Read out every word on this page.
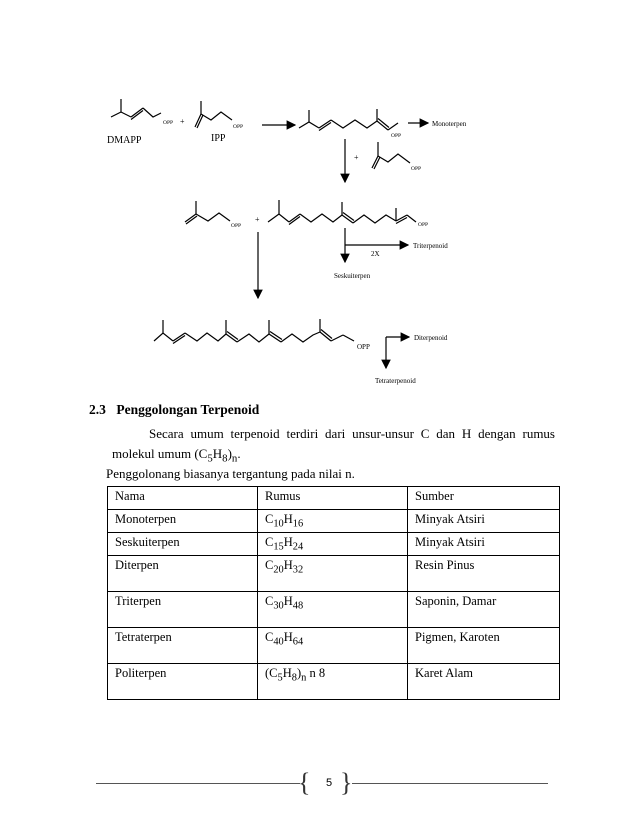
DMAPP	IPP
OPP
OPP
+
OPP
Monoterpen
+
OPP
OPP
+
OPP
Triterpenoid
2X
Seskuiterpen
OPP
Diterpenoid
Tetraterpenoid
2.3 Penggolongan Terpenoid
Secara umum terpenoid terdiri dari unsur-unsur C dan H dengan rumus molekul umum $(C_5H_8)_n$.
Penggolonang biasanya tergantung pada nilai n.
Nama	Rumus	Sumber
Monoterpen	$C_{10}H_{16}$	Minyak Atsiri
Seskuiterpen	$C_{15}H_{24}$	Minyak Atsiri
Diterpen	$C_{20}H_{32}$	Resin Pinus
Triterpen	$C_{30}H_{48}$	Saponin, Damar
Tetraterpen	$C_{40}H_{64}$	Pigmen, Karoten
Politerpen	$(C_5H_8)_n$ n 8	Karet Alam
{ }
5
